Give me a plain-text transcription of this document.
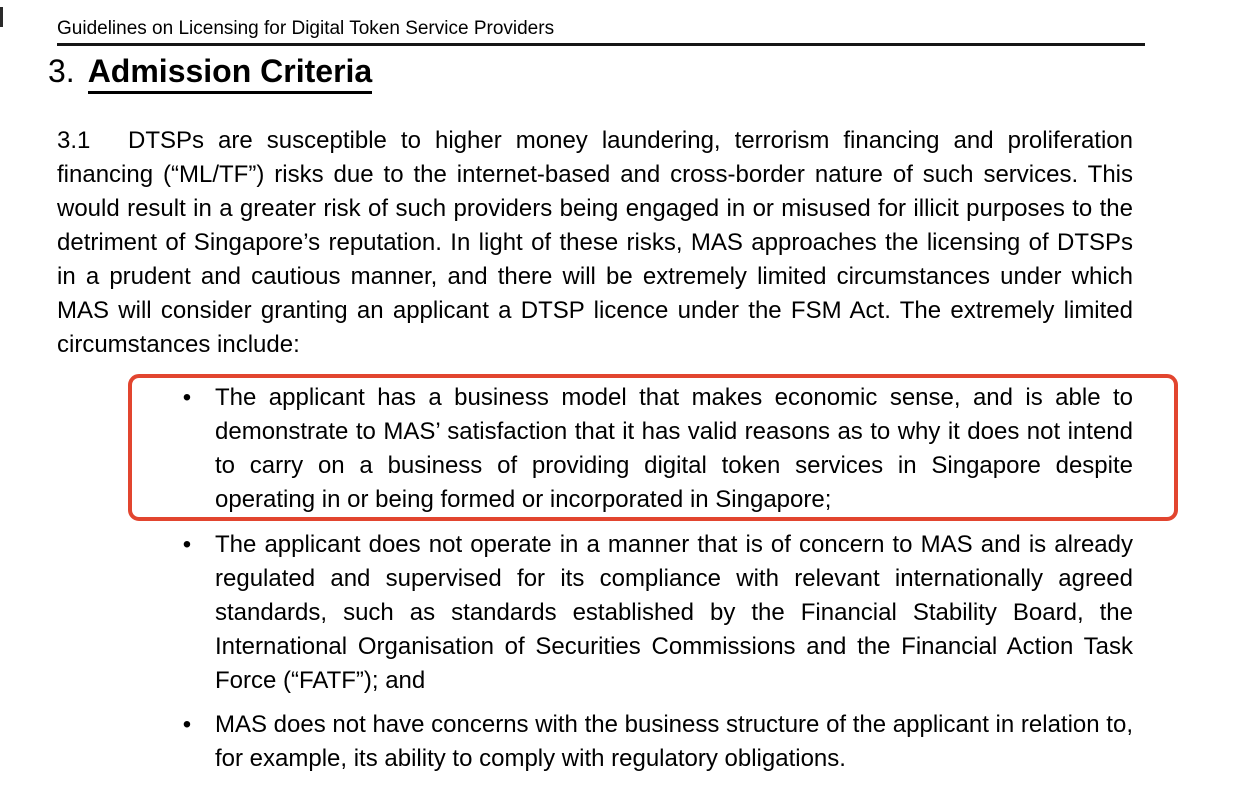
Guidelines on Licensing for Digital Token Service Providers
3. Admission Criteria
3.1 DTSPs are susceptible to higher money laundering, terrorism financing and proliferation financing (“ML/TF”) risks due to the internet-based and cross-border nature of such services. This would result in a greater risk of such providers being engaged in or misused for illicit purposes to the detriment of Singapore’s reputation. In light of these risks, MAS approaches the licensing of DTSPs in a prudent and cautious manner, and there will be extremely limited circumstances under which MAS will consider granting an applicant a DTSP licence under the FSM Act. The extremely limited circumstances include:
• The applicant has a business model that makes economic sense, and is able to demonstrate to MAS’ satisfaction that it has valid reasons as to why it does not intend to carry on a business of providing digital token services in Singapore despite operating in or being formed or incorporated in Singapore;
• The applicant does not operate in a manner that is of concern to MAS and is already regulated and supervised for its compliance with relevant internationally agreed standards, such as standards established by the Financial Stability Board, the International Organisation of Securities Commissions and the Financial Action Task Force (“FATF”); and
• MAS does not have concerns with the business structure of the applicant in relation to, for example, its ability to comply with regulatory obligations.
